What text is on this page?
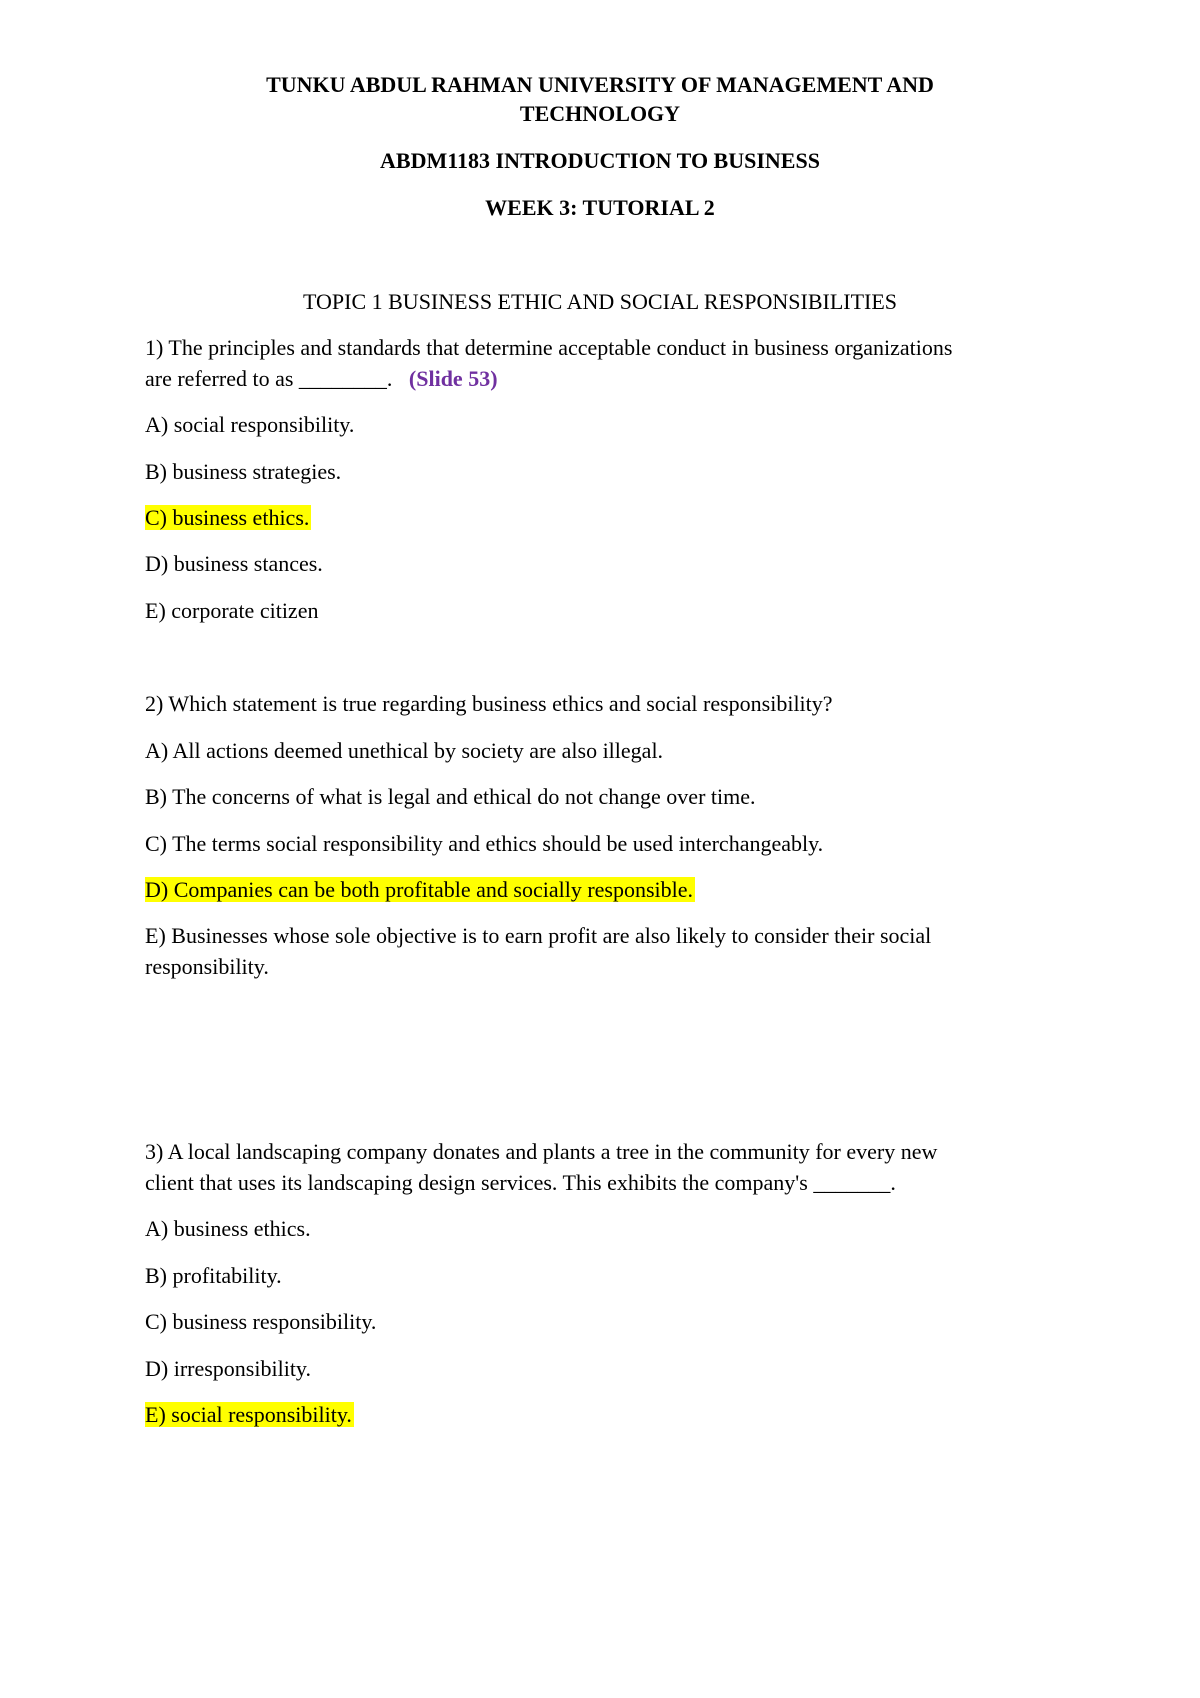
TUNKU ABDUL RAHMAN UNIVERSITY OF MANAGEMENT AND
TECHNOLOGY
ABDM1183 INTRODUCTION TO BUSINESS
WEEK 3: TUTORIAL 2
TOPIC 1 BUSINESS ETHIC AND SOCIAL RESPONSIBILITIES
1) The principles and standards that determine acceptable conduct in business organizations
are referred to as ________. (Slide 53)
A) social responsibility.
B) business strategies.
C) business ethics.
D) business stances.
E) corporate citizen
2) Which statement is true regarding business ethics and social responsibility?
A) All actions deemed unethical by society are also illegal.
B) The concerns of what is legal and ethical do not change over time.
C) The terms social responsibility and ethics should be used interchangeably.
D) Companies can be both profitable and socially responsible.
E) Businesses whose sole objective is to earn profit are also likely to consider their social
responsibility.
3) A local landscaping company donates and plants a tree in the community for every new
client that uses its landscaping design services. This exhibits the company's _______.
A) business ethics.
B) profitability.
C) business responsibility.
D) irresponsibility.
E) social responsibility.
